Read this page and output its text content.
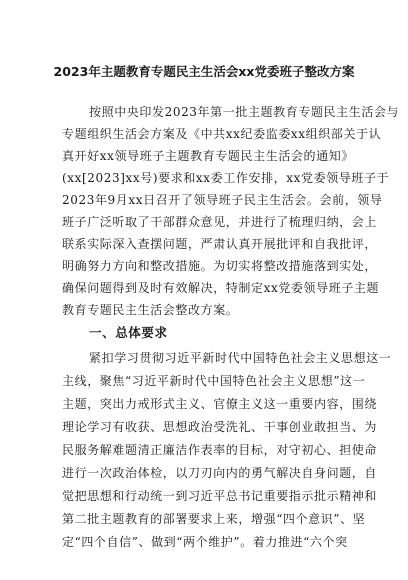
2023年主题教育专题民主生活会xx党委班子整改方案
按照中央印发2023年第一批主题教育专题民主生活会与
专题组织生活会方案及《中共xx纪委监委xx组织部关于认
真开好xx领导班子主题教育专题民主生活会的通知》
(xx[2023]xx号)要求和xx委工作安排，xx党委领导班子于
2023年9月xx日召开了领导班子民主生活会。会前，领导
班子广泛听取了干部群众意见，并进行了梳理归纳，会上
联系实际深入查摆问题，严肃认真开展批评和自我批评，
明确努力方向和整改措施。为切实将整改措施落到实处，
确保问题得到及时有效解决，特制定xx党委领导班子主题
教育专题民主生活会整改方案。
一、总体要求
紧扣学习贯彻习近平新时代中国特色社会主义思想这一
主线，聚焦“习近平新时代中国特色社会主义思想”这一
主题，突出力戒形式主义、官僚主义这一重要内容，围绕
理论学习有收获、思想政治受洗礼、干事创业敢担当、为
民服务解难题清正廉洁作表率的目标，对守初心、担使命
进行一次政治体检，以刀刃向内的勇气解决自身问题，自
觉把思想和行动统一到习近平总书记重要指示批示精神和
第二批主题教育的部署要求上来，增强“四个意识”、坚
定“四个自信”、做到“两个维护”。着力推进“六个突
